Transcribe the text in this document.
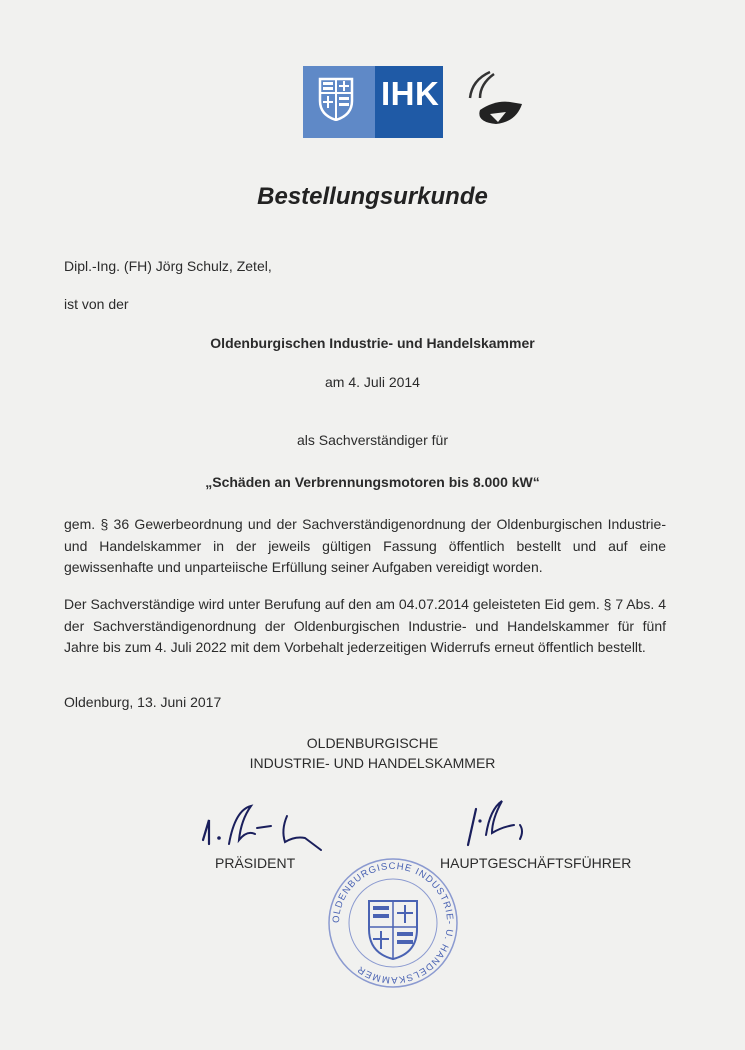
IHK
Bestellungsurkunde
Dipl.-Ing. (FH) Jörg Schulz, Zetel,
ist von der
Oldenburgischen Industrie- und Handelskammer
am 4. Juli 2014
als Sachverständiger für
„Schäden an Verbrennungsmotoren bis 8.000 kW“
gem. § 36 Gewerbeordnung und der Sachverständigenordnung der Oldenburgischen Industrie- und Handelskammer in der jeweils gültigen Fassung öffentlich bestellt und auf eine gewissenhafte und unparteiische Erfüllung seiner Aufgaben vereidigt worden.
Der Sachverständige wird unter Berufung auf den am 04.07.2014 geleisteten Eid gem. § 7 Abs. 4 der Sachverständigenordnung der Oldenburgischen Industrie- und Handelskammer für fünf Jahre bis zum 4. Juli 2022 mit dem Vorbehalt jederzeitigen Widerrufs erneut öffentlich bestellt.
Oldenburg, 13. Juni 2017
OLDENBURGISCHE
INDUSTRIE- UND HANDELSKAMMER
PRÄSIDENT	HAUPTGESCHÄFTSFÜHRER
OLDENBURGISCHE INDUSTRIE- U. HANDELSKAMMER
